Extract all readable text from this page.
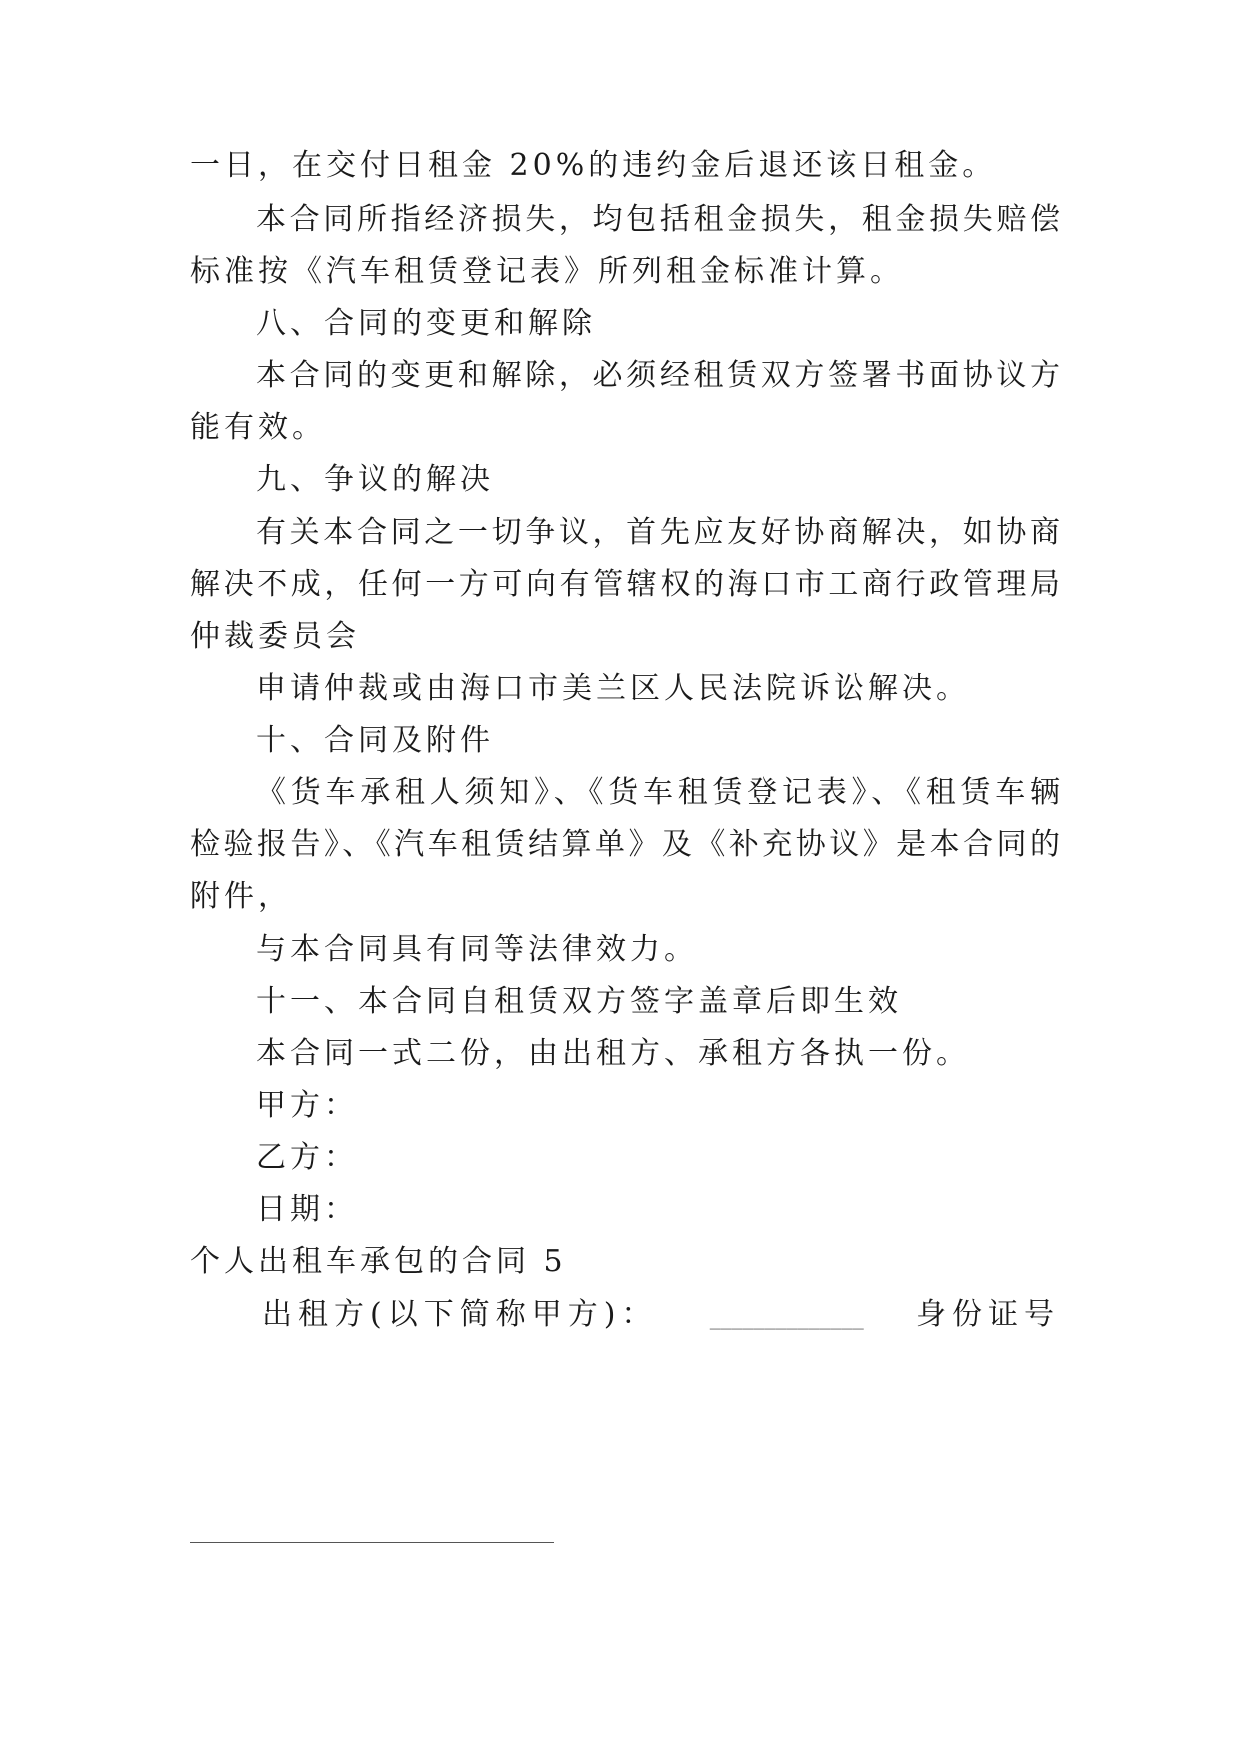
一日，在交付日租金 20%的违约金后退还该日租金。
本合同所指经济损失，均包括租金损失，租金损失赔偿
标准按《汽车租赁登记表》所列租金标准计算。
八、合同的变更和解除
本合同的变更和解除，必须经租赁双方签署书面协议方
能有效。
九、争议的解决
有关本合同之一切争议，首先应友好协商解决，如协商
解决不成，任何一方可向有管辖权的海口市工商行政管理局
仲裁委员会
申请仲裁或由海口市美兰区人民法院诉讼解决。
十、合同及附件
《货车承租人须知》、《货车租赁登记表》、《租赁车辆
检验报告》、《汽车租赁结算单》及《补充协议》是本合同的
附件，
与本合同具有同等法律效力。
十一、本合同自租赁双方签字盖章后即生效
本合同一式二份，由出租方、承租方各执一份。
甲方：
乙方：
日期：
个人出租车承包的合同 5
出租方(以下简称甲方)： ______________ 身份证号
